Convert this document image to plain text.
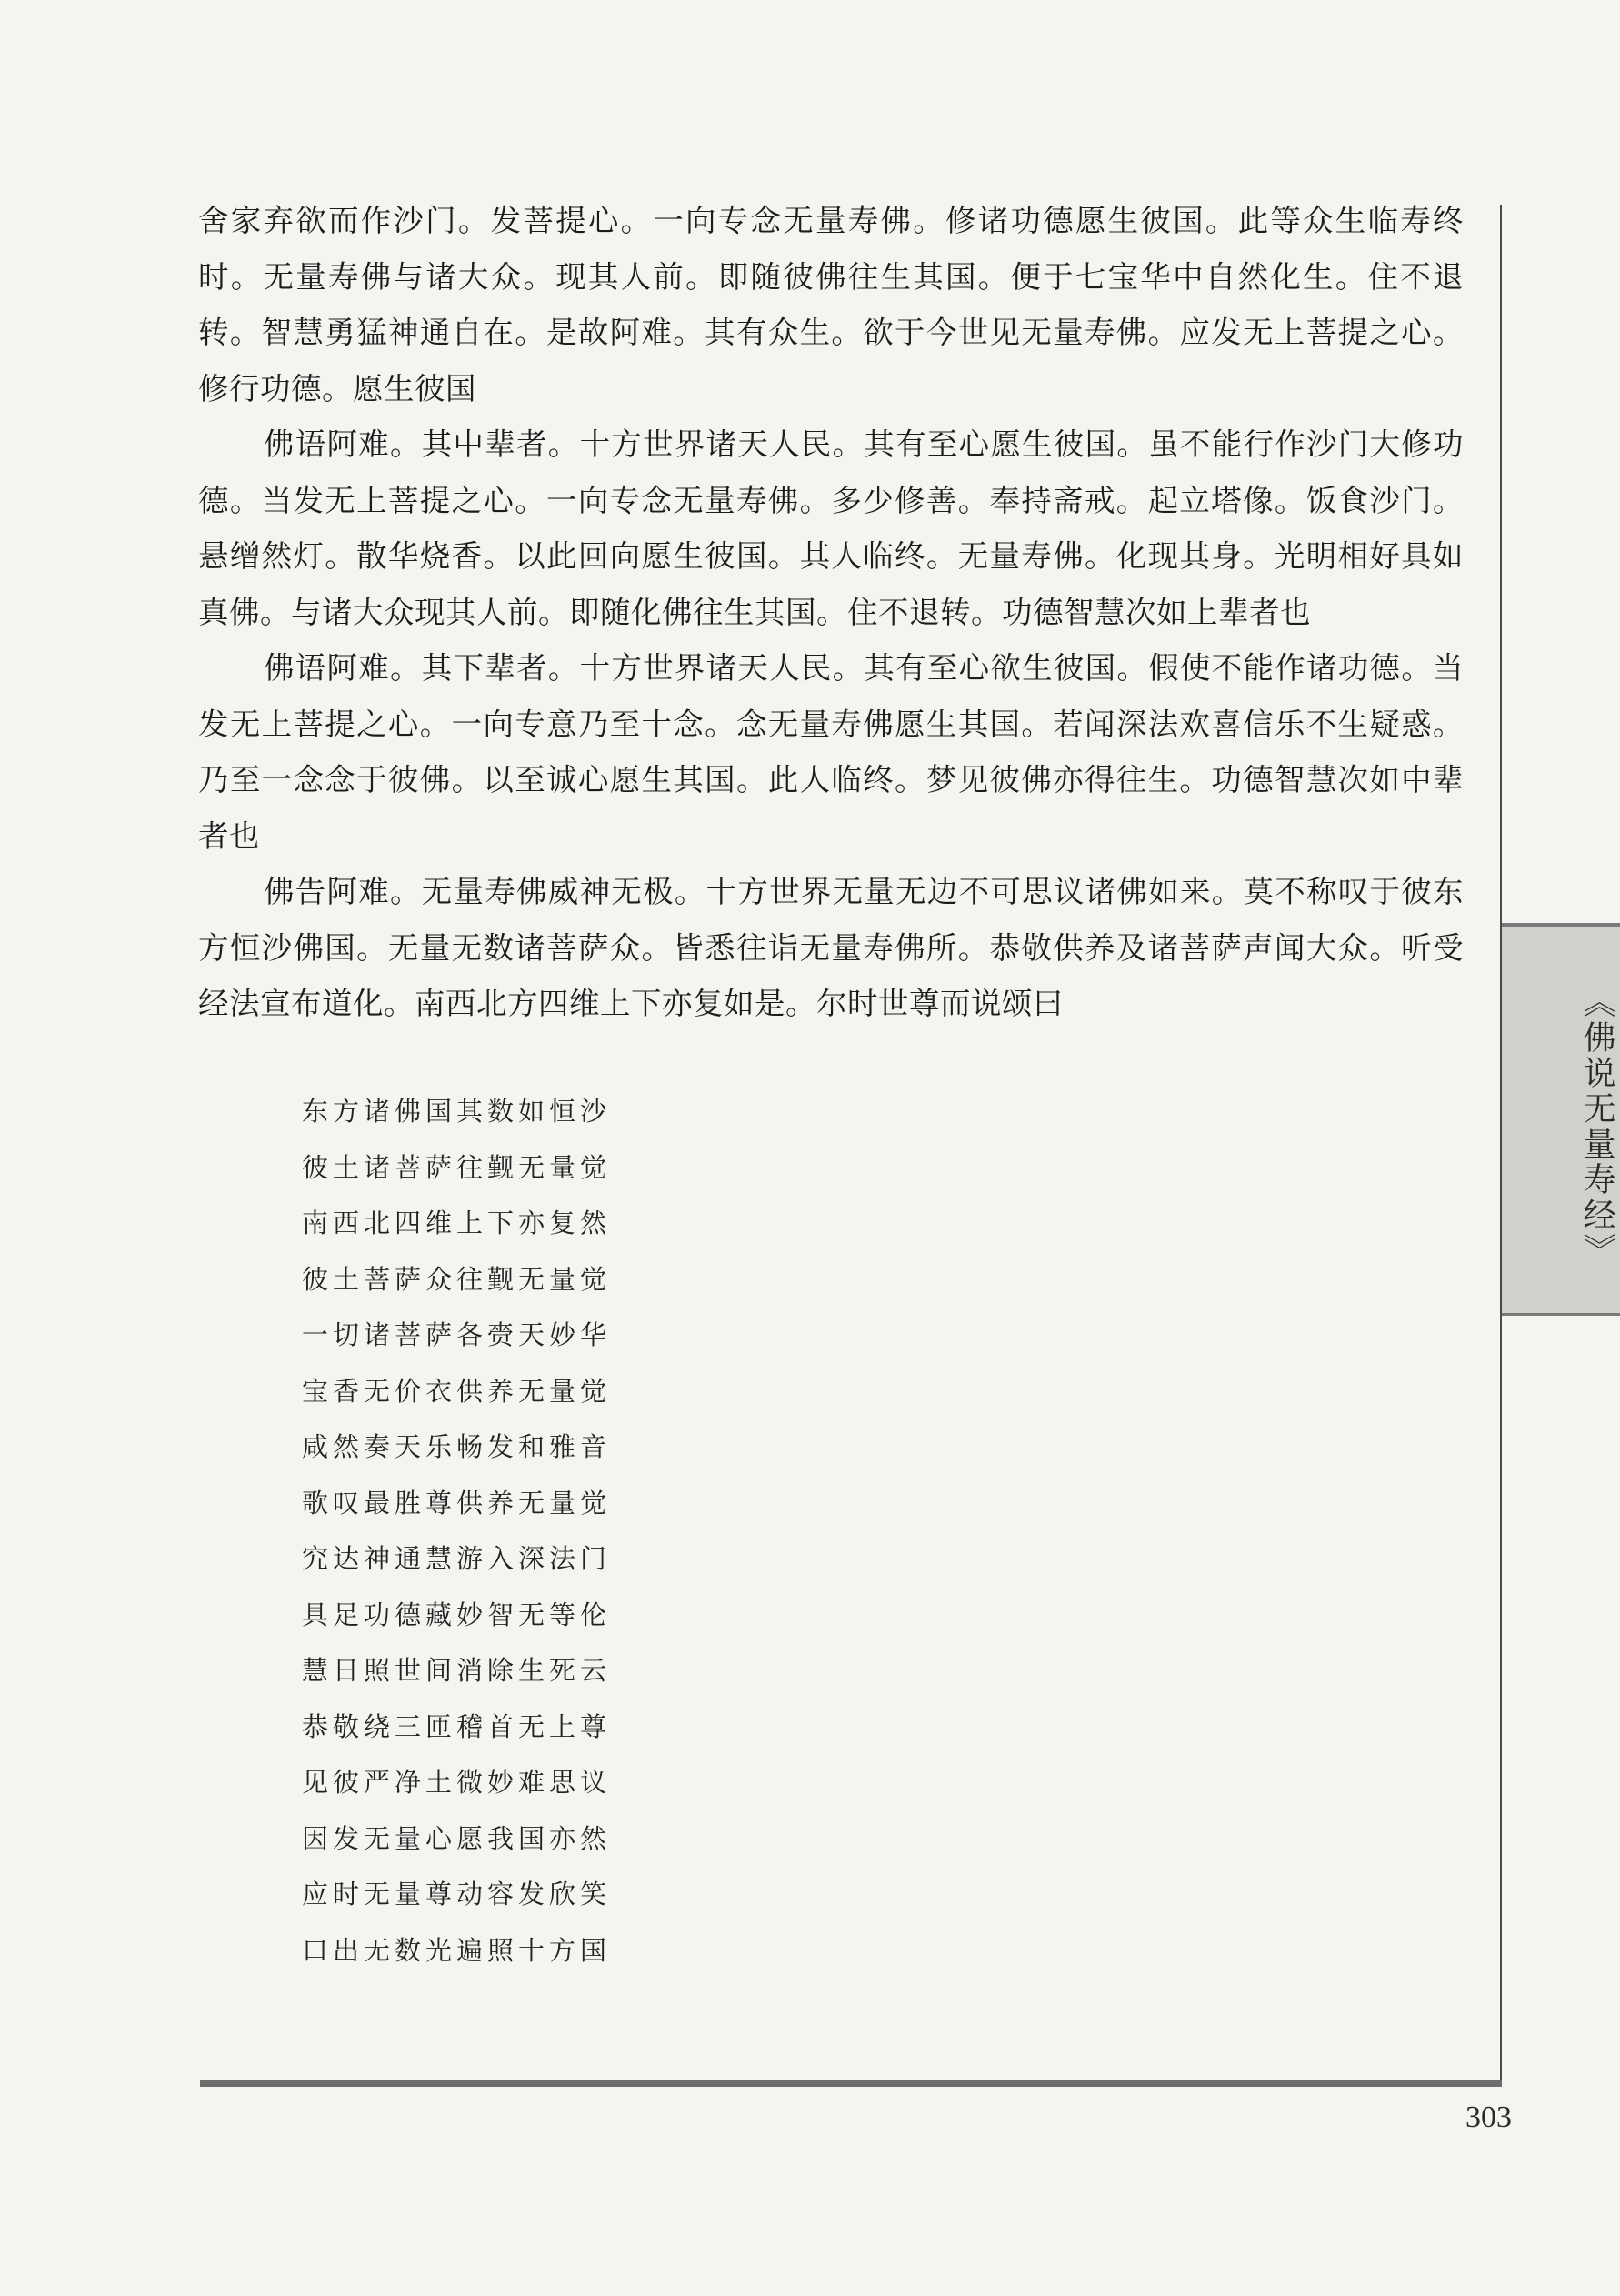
舍家弃欲而作沙门。发菩提心。一向专念无量寿佛。修诸功德愿生彼国。此等众生临寿终时。无量寿佛与诸大众。现其人前。即随彼佛往生其国。便于七宝华中自然化生。住不退转。智慧勇猛神通自在。是故阿难。其有众生。欲于今世见无量寿佛。应发无上菩提之心。修行功德。愿生彼国

佛语阿难。其中辈者。十方世界诸天人民。其有至心愿生彼国。虽不能行作沙门大修功德。当发无上菩提之心。一向专念无量寿佛。多少修善。奉持斋戒。起立塔像。饭食沙门。悬缯然灯。散华烧香。以此回向愿生彼国。其人临终。无量寿佛。化现其身。光明相好具如真佛。与诸大众现其人前。即随化佛往生其国。住不退转。功德智慧次如上辈者也

佛语阿难。其下辈者。十方世界诸天人民。其有至心欲生彼国。假使不能作诸功德。当发无上菩提之心。一向专意乃至十念。念无量寿佛愿生其国。若闻深法欢喜信乐不生疑惑。乃至一念念于彼佛。以至诚心愿生其国。此人临终。梦见彼佛亦得往生。功德智慧次如中辈者也

佛告阿难。无量寿佛威神无极。十方世界无量无边不可思议诸佛如来。莫不称叹于彼东方恒沙佛国。无量无数诸菩萨众。皆悉往诣无量寿佛所。恭敬供养及诸菩萨声闻大众。听受经法宣布道化。南西北方四维上下亦复如是。尔时世尊而说颂曰

东方诸佛国其数如恒沙
彼土诸菩萨往觐无量觉
南西北四维上下亦复然
彼土菩萨众往觐无量觉
一切诸菩萨各赍天妙华
宝香无价衣供养无量觉
咸然奏天乐畅发和雅音
歌叹最胜尊供养无量觉
究达神通慧游入深法门
具足功德藏妙智无等伦
慧日照世间消除生死云
恭敬绕三匝稽首无上尊
见彼严净土微妙难思议
因发无量心愿我国亦然
应时无量尊动容发欣笑
口出无数光遍照十方国
《佛说无量寿经》
303
